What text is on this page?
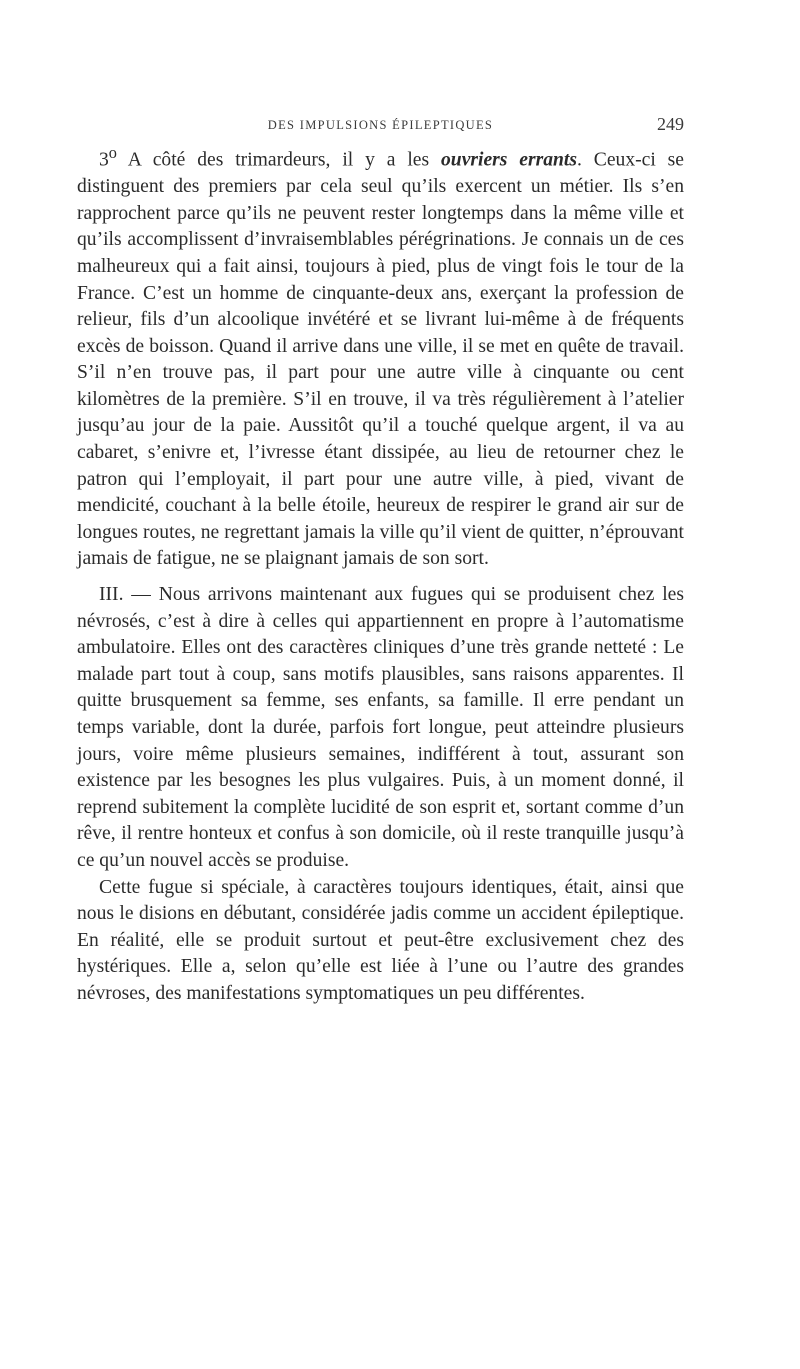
DES IMPULSIONS ÉPILEPTIQUES	249

3$^o$ A côté des trimardeurs, il y a les ouvriers errants. Ceux-ci se distinguent des premiers par cela seul qu’ils exercent un métier. Ils s’en rapprochent parce qu’ils ne peuvent rester longtemps dans la même ville et qu’ils accomplissent d’invraisemblables pérégrinations. Je connais un de ces malheureux qui a fait ainsi, toujours à pied, plus de vingt fois le tour de la France. C’est un homme de cinquante-deux ans, exerçant la profession de relieur, fils d’un alcoolique invétéré et se livrant lui-même à de fréquents excès de boisson. Quand il arrive dans une ville, il se met en quête de travail. S’il n’en trouve pas, il part pour une autre ville à cinquante ou cent kilomètres de la première. S’il en trouve, il va très régulièrement à l’atelier jusqu’au jour de la paie. Aussitôt qu’il a touché quelque argent, il va au cabaret, s’enivre et, l’ivresse étant dissipée, au lieu de retourner chez le patron qui l’employait, il part pour une autre ville, à pied, vivant de mendicité, couchant à la belle étoile, heureux de respirer le grand air sur de longues routes, ne regrettant jamais la ville qu’il vient de quitter, n’éprouvant jamais de fatigue, ne se plaignant jamais de son sort.

III. — Nous arrivons maintenant aux fugues qui se produisent chez les névrosés, c’est à dire à celles qui appartiennent en propre à l’automatisme ambulatoire. Elles ont des caractères cliniques d’une très grande netteté : Le malade part tout à coup, sans motifs plausibles, sans raisons apparentes. Il quitte brusquement sa femme, ses enfants, sa famille. Il erre pendant un temps variable, dont la durée, parfois fort longue, peut atteindre plusieurs jours, voire même plusieurs semaines, indifférent à tout, assurant son existence par les besognes les plus vulgaires. Puis, à un moment donné, il reprend subitement la complète lucidité de son esprit et, sortant comme d’un rêve, il rentre honteux et confus à son domicile, où il reste tranquille jusqu’à ce qu’un nouvel accès se produise.

Cette fugue si spéciale, à caractères toujours identiques, était, ainsi que nous le disions en débutant, considérée jadis comme un accident épileptique. En réalité, elle se produit surtout et peut-être exclusivement chez des hystériques. Elle a, selon qu’elle est liée à l’une ou l’autre des grandes névroses, des manifestations symptomatiques un peu différentes.
